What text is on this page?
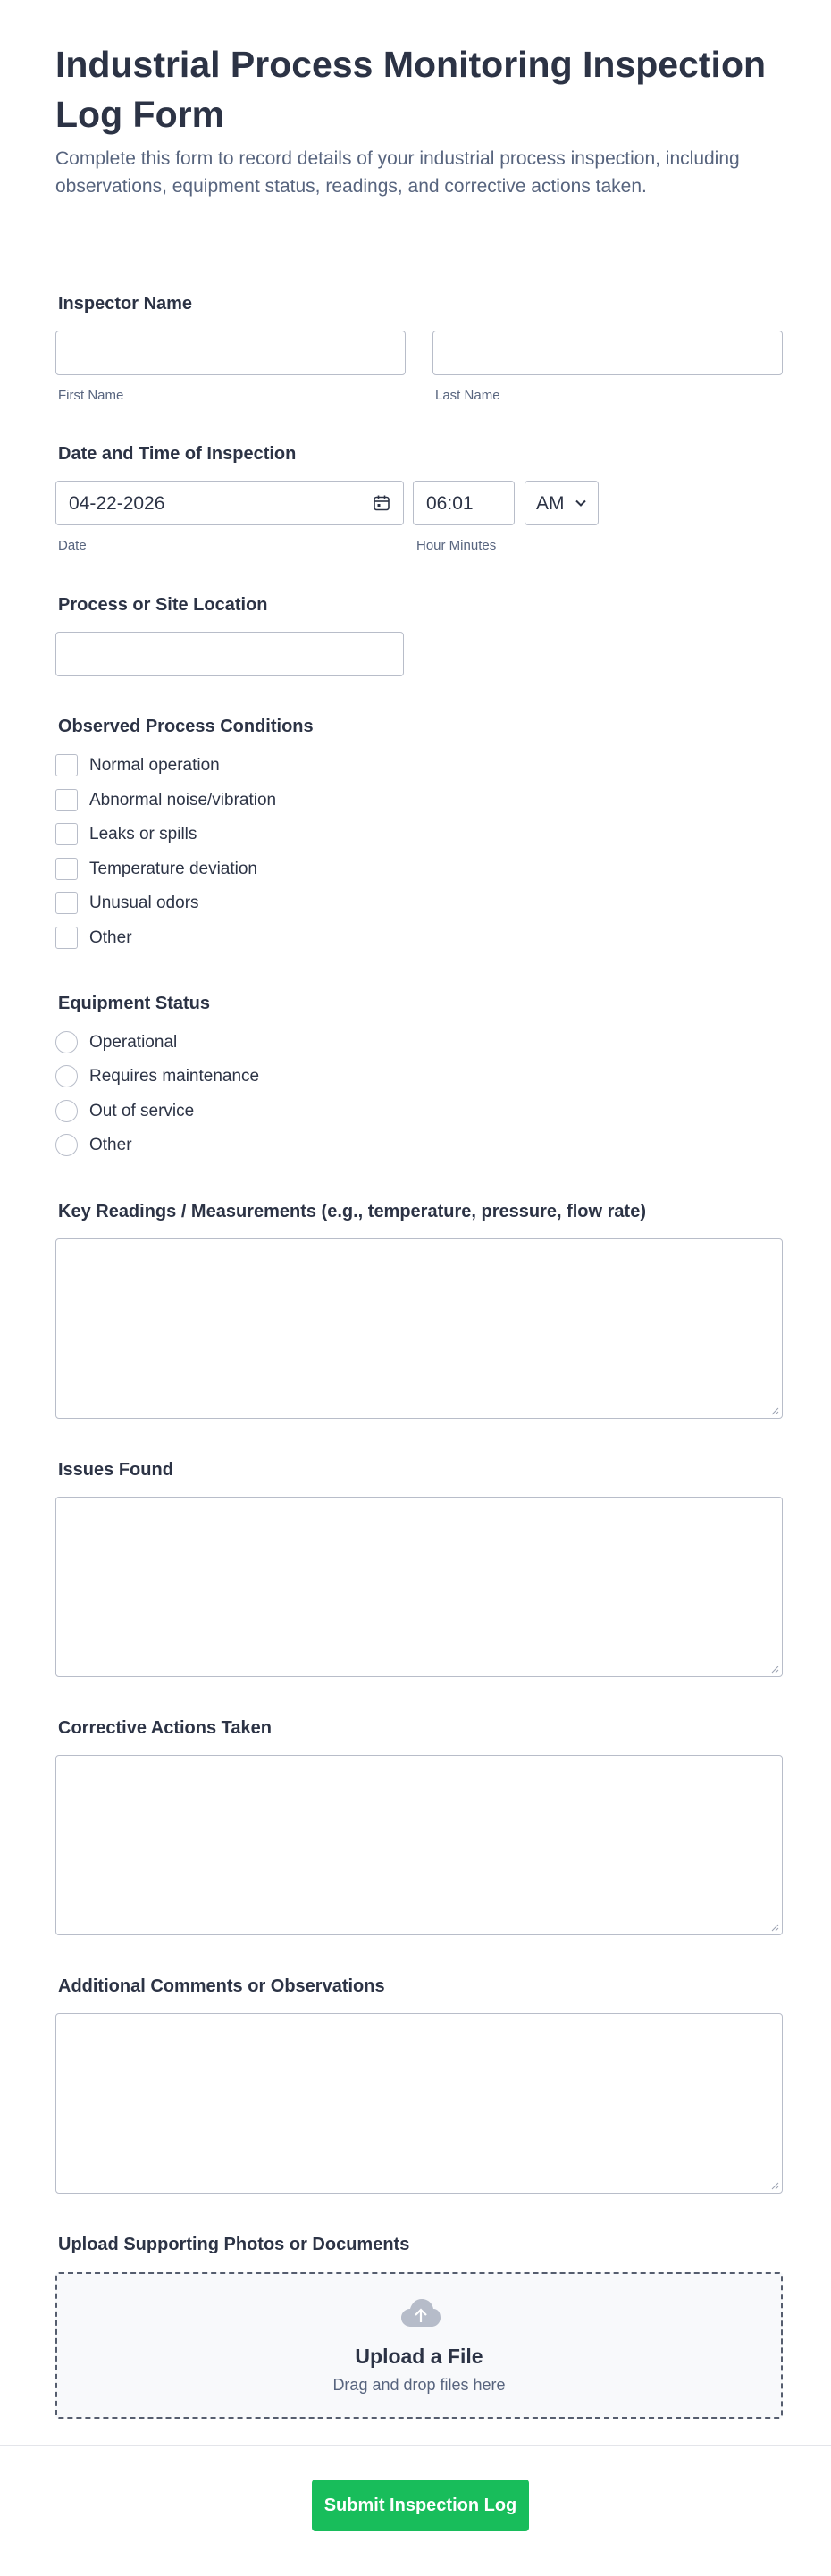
Industrial Process Monitoring Inspection Log Form

Complete this form to record details of your industrial process inspection, including observations, equipment status, readings, and corrective actions taken.

Inspector Name
First Name	Last Name
Date and Time of Inspection
04-22-2026
Date
06:01
Hour Minutes
AM
Process or Site Location
Observed Process Conditions
Normal operation
Abnormal noise/vibration
Leaks or spills
Temperature deviation
Unusual odors
Other
Equipment Status
Operational
Requires maintenance
Out of service
Other
Key Readings / Measurements (e.g., temperature, pressure, flow rate)
Issues Found
Corrective Actions Taken
Additional Comments or Observations
Upload Supporting Photos or Documents
Upload a File
Drag and drop files here
Submit Inspection Log
